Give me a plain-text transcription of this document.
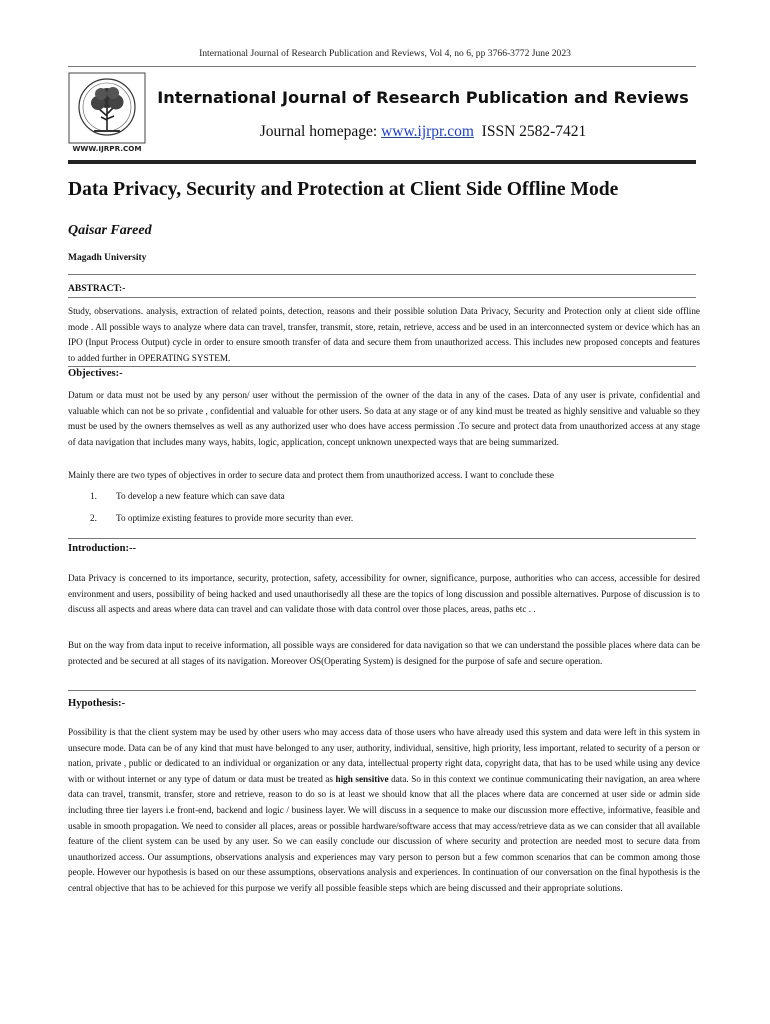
International Journal of Research Publication and Reviews, Vol 4, no 6, pp 3766-3772 June 2023
WWW.IJRPR.COM
International Journal of Research Publication and Reviews
Journal homepage: www.ijrpr.com ISSN 2582-7421
Data Privacy, Security and Protection at Client Side Offline Mode
Qaisar Fareed
Magadh University
ABSTRACT:-
Study, observations. analysis, extraction of related points, detection, reasons and their possible solution Data Privacy, Security and Protection only at client side offline mode . All possible ways to analyze where data can travel, transfer, transmit, store, retain, retrieve, access and be used in an interconnected system or device which has an IPO (Input Process Output) cycle in order to ensure smooth transfer of data and secure them from unauthorized access. This includes new proposed concepts and features to added further in OPERATING SYSTEM.
Objectives:-
Datum or data must not be used by any person/ user without the permission of the owner of the data in any of the cases. Data of any user is private, confidential and valuable which can not be so private , confidential and valuable for other users. So data at any stage or of any kind must be treated as highly sensitive and valuable so they must be used by the owners themselves as well as any authorized user who does have access permission .To secure and protect data from unauthorized access at any stage of data navigation that includes many ways, habits, logic, application, concept unknown unexpected ways that are being summarized.
Mainly there are two types of objectives in order to secure data and protect them from unauthorized access. I want to conclude these
1. To develop a new feature which can save data
2. To optimize existing features to provide more security than ever.
Introduction:--
Data Privacy is concerned to its importance, security, protection, safety, accessibility for owner, significance, purpose, authorities who can access, accessible for desired environment and users, possibility of being hacked and used unauthorisedly all these are the topics of long discussion and possible alternatives. Purpose of discussion is to discuss all aspects and areas where data can travel and can validate those with data control over those places, areas, paths etc . .
But on the way from data input to receive information, all possible ways are considered for data navigation so that we can understand the possible places where data can be protected and be secured at all stages of its navigation. Moreover OS(Operating System) is designed for the purpose of safe and secure operation.
Hypothesis:-
Possibility is that the client system may be used by other users who may access data of those users who have already used this system and data were left in this system in unsecure mode. Data can be of any kind that must have belonged to any user, authority, individual, sensitive, high priority, less important, related to security of a person or nation, private , public or dedicated to an individual or organization or any data, intellectual property right data, copyright data, that has to be used while using any device with or without internet or any type of datum or data must be treated as high sensitive data. So in this context we continue communicating their navigation, an area where data can travel, transmit, transfer, store and retrieve, reason to do so is at least we should know that all the places where data are concerned at user side or admin side including three tier layers i.e front-end, backend and logic / business layer. We will discuss in a sequence to make our discussion more effective, informative, feasible and usable in smooth propagation. We need to consider all places, areas or possible hardware/software access that may access/retrieve data as we can consider that all available feature of the client system can be used by any user. So we can easily conclude our discussion of where security and protection are needed most to secure data from unauthorized access. Our assumptions, observations analysis and experiences may vary person to person but a few common scenarios that can be common among those people. However our hypothesis is based on our these assumptions, observations analysis and experiences. In continuation of our conversation on the final hypothesis is the central objective that has to be achieved for this purpose we verify all possible feasible steps which are being discussed and their appropriate solutions.
